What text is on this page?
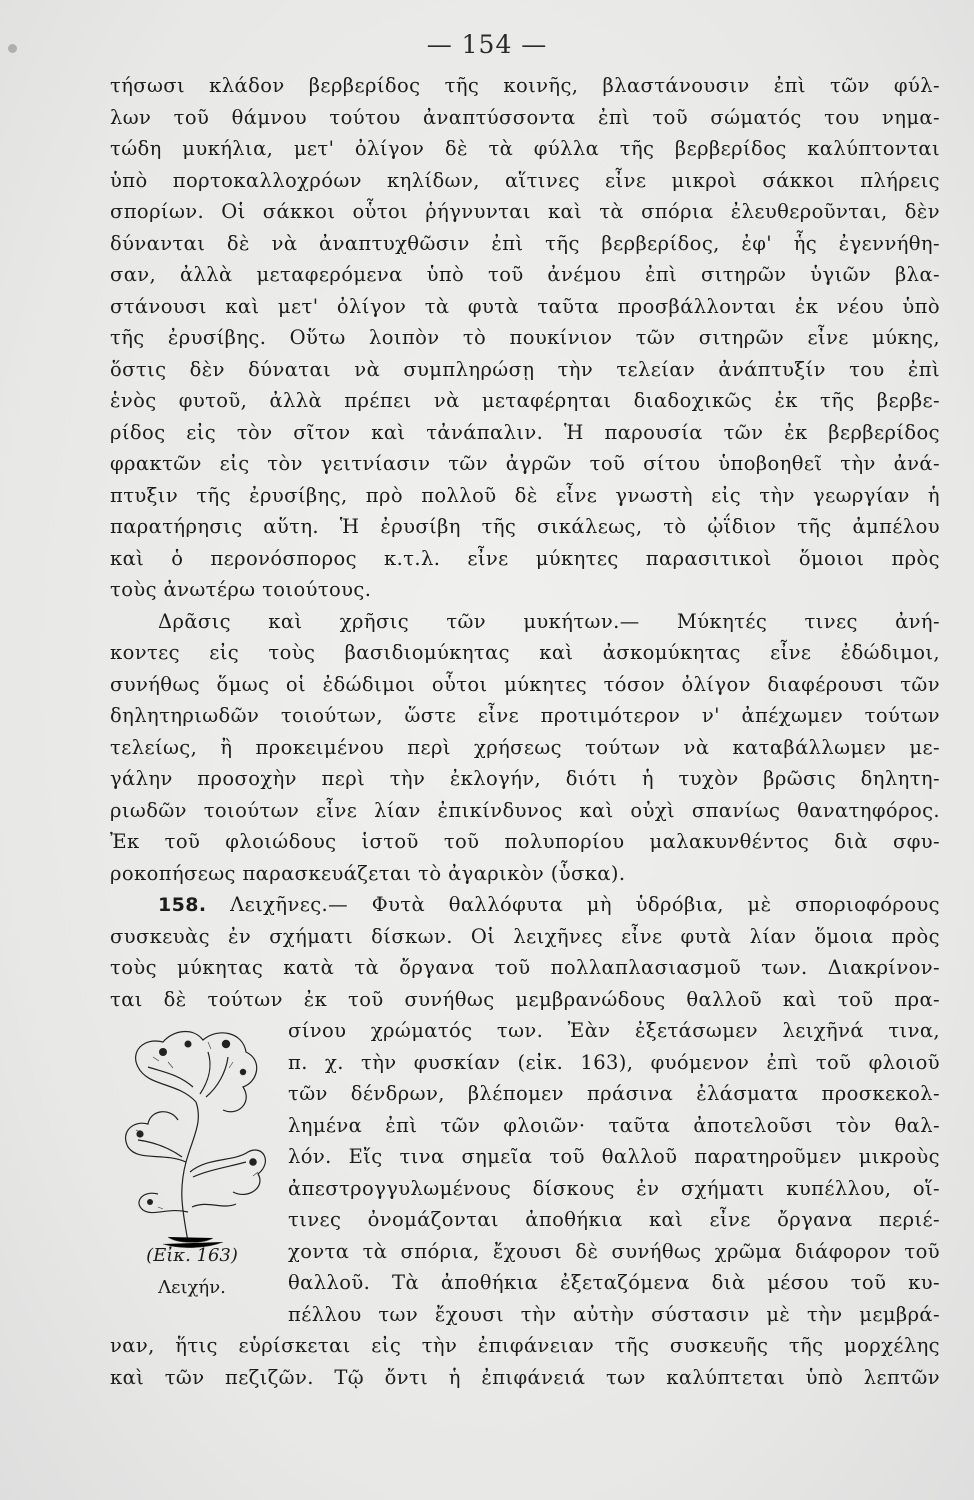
— 154 —
τήσωσι κλάδον βερβερίδος τῆς κοινῆς, βλαστάνουσιν ἐπὶ τῶν φύλ-
λων τοῦ θάμνου τούτου ἀναπτύσσοντα ἐπὶ τοῦ σώματός του νημα-
τώδη μυκήλια, μετ' ὀλίγον δὲ τὰ φύλλα τῆς βερβερίδος καλύπτονται
ὑπὸ πορτοκαλλοχρόων κηλίδων, αἵτινες εἶνε μικροὶ σάκκοι πλήρεις
σπορίων. Οἱ σάκκοι οὗτοι ῥήγνυνται καὶ τὰ σπόρια ἐλευθεροῦνται, δὲν
δύνανται δὲ νὰ ἀναπτυχθῶσιν ἐπὶ τῆς βερβερίδος, ἐφ' ἧς ἐγεννήθη-
σαν, ἀλλὰ μεταφερόμενα ὑπὸ τοῦ ἀνέμου ἐπὶ σιτηρῶν ὑγιῶν βλα-
στάνουσι καὶ μετ' ὀλίγον τὰ φυτὰ ταῦτα προσβάλλονται ἐκ νέου ὑπὸ
τῆς ἐρυσίβης. Οὕτω λοιπὸν τὸ πουκίνιον τῶν σιτηρῶν εἶνε μύκης,
ὅστις δὲν δύναται νὰ συμπληρώσῃ τὴν τελείαν ἀνάπτυξίν του ἐπὶ
ἑνὸς φυτοῦ, ἀλλὰ πρέπει νὰ μεταφέρηται διαδοχικῶς ἐκ τῆς βερβε-
ρίδος εἰς τὸν σῖτον καὶ τἀνάπαλιν. Ἡ παρουσία τῶν ἐκ βερβερίδος
φρακτῶν εἰς τὸν γειτνίασιν τῶν ἀγρῶν τοῦ σίτου ὑποβοηθεῖ τὴν ἀνά-
πτυξιν τῆς ἐρυσίβης, πρὸ πολλοῦ δὲ εἶνε γνωστὴ εἰς τὴν γεωργίαν ἡ
παρατήρησις αὕτη. Ἡ ἐρυσίβη τῆς σικάλεως, τὸ ᾠΐδιον τῆς ἀμπέλου
καὶ ὁ περονόσπορος κ.τ.λ. εἶνε μύκητες παρασιτικοὶ ὅμοιοι πρὸς
τοὺς ἀνωτέρω τοιούτους.
Δρᾶσις καὶ χρῆσις τῶν μυκήτων.— Μύκητές τινες ἀνή-
κοντες εἰς τοὺς βασιδιομύκητας καὶ ἀσκομύκητας εἶνε ἐδώδιμοι,
συνήθως ὅμως οἱ ἐδώδιμοι οὗτοι μύκητες τόσον ὀλίγον διαφέρουσι τῶν
δηλητηριωδῶν τοιούτων, ὥστε εἶνε προτιμότερον ν' ἀπέχωμεν τούτων
τελείως, ἢ προκειμένου περὶ χρήσεως τούτων νὰ καταβάλλωμεν με-
γάλην προσοχὴν περὶ τὴν ἐκλογήν, διότι ἡ τυχὸν βρῶσις δηλητη-
ριωδῶν τοιούτων εἶνε λίαν ἐπικίνδυνος καὶ οὐχὶ σπανίως θανατηφόρος.
Ἐκ τοῦ φλοιώδους ἱστοῦ τοῦ πολυπορίου μαλακυνθέντος διὰ σφυ-
ροκοπήσεως παρασκευάζεται τὸ ἀγαρικὸν (ὗσκα).
158. Λειχῆνες.— Φυτὰ θαλλόφυτα μὴ ὑδρόβια, μὲ σποριοφόρους
συσκευὰς ἐν σχήματι δίσκων. Οἱ λειχῆνες εἶνε φυτὰ λίαν ὅμοια πρὸς
τοὺς μύκητας κατὰ τὰ ὄργανα τοῦ πολλαπλασιασμοῦ των. Διακρίνον-
ται δὲ τούτων ἐκ τοῦ συνήθως μεμβρανώδους θαλλοῦ καὶ τοῦ πρα-
σίνου χρώματός των. Ἐὰν ἐξετάσωμεν λειχῆνά τινα,
π. χ. τὴν φυσκίαν (εἰκ. 163), φυόμενον ἐπὶ τοῦ φλοιοῦ
τῶν δένδρων, βλέπομεν πράσινα ἐλάσματα προσκεκολ-
λημένα ἐπὶ τῶν φλοιῶν· ταῦτα ἀποτελοῦσι τὸν θαλ-
λόν. Εἴς τινα σημεῖα τοῦ θαλλοῦ παρατηροῦμεν μικροὺς
ἀπεστρογγυλωμένους δίσκους ἐν σχήματι κυπέλλου, οἵ-
τινες ὀνομάζονται ἀποθήκια καὶ εἶνε ὄργανα περιέ-
χοντα τὰ σπόρια, ἔχουσι δὲ συνήθως χρῶμα διάφορον τοῦ
θαλλοῦ. Τὰ ἀποθήκια ἐξεταζόμενα διὰ μέσου τοῦ κυ-
πέλλου των ἔχουσι τὴν αὐτὴν σύστασιν μὲ τὴν μεμβρά-
ναν, ἥτις εὑρίσκεται εἰς τὴν ἐπιφάνειαν τῆς συσκευῆς τῆς μορχέλης
καὶ τῶν πεζιζῶν. Τῷ ὄντι ἡ ἐπιφάνειά των καλύπτεται ὑπὸ λεπτῶν
(Εἰκ. 163)
Λειχήν.
